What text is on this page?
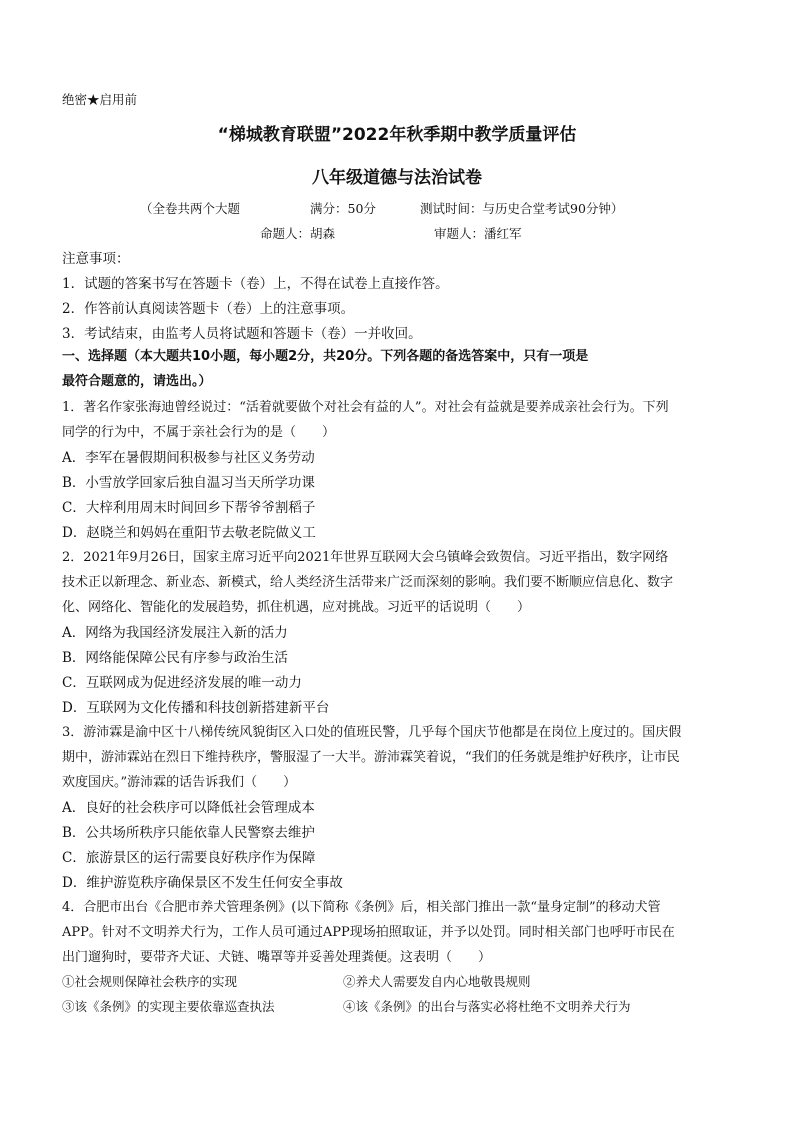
绝密★启用前
“梯城教育联盟”2022年秋季期中教学质量评估
八年级道德与法治试卷
（全卷共两个大题	满分：50分	测试时间：与历史合堂考试90分钟）
命题人：胡森	审题人：潘红军
注意事项：
1．试题的答案书写在答题卡（卷）上，不得在试卷上直接作答。
2．作答前认真阅读答题卡（卷）上的注意事项。
3．考试结束，由监考人员将试题和答题卡（卷）一并收回。
一、选择题（本大题共10小题，每小题2分，共20分。下列各题的备选答案中，只有一项是
最符合题意的，请选出。）
1．著名作家张海迪曾经说过：“活着就要做个对社会有益的人”。对社会有益就是要养成亲社会行为。下列
同学的行为中，不属于亲社会行为的是（　　）
A．李军在暑假期间积极参与社区义务劳动
B．小雪放学回家后独自温习当天所学功课
C．大梓利用周末时间回乡下帮爷爷割稻子
D．赵晓兰和妈妈在重阳节去敬老院做义工
2．2021年9月26日，国家主席习近平向2021年世界互联网大会乌镇峰会致贺信。习近平指出，数字网络
技术正以新理念、新业态、新模式，给人类经济生活带来广泛而深刻的影响。我们要不断顺应信息化、数字
化、网络化、智能化的发展趋势，抓住机遇，应对挑战。习近平的话说明（　　）
A．网络为我国经济发展注入新的活力
B．网络能保障公民有序参与政治生活
C．互联网成为促进经济发展的唯一动力
D．互联网为文化传播和科技创新搭建新平台
3．游沛霖是渝中区十八梯传统风貌街区入口处的值班民警，几乎每个国庆节他都是在岗位上度过的。国庆假
期中，游沛霖站在烈日下维持秩序，警服湿了一大半。游沛霖笑着说，“我们的任务就是维护好秩序，让市民
欢度国庆。”游沛霖的话告诉我们（　　）
A．良好的社会秩序可以降低社会管理成本
B．公共场所秩序只能依靠人民警察去维护
C．旅游景区的运行需要良好秩序作为保障
D．维护游览秩序确保景区不发生任何安全事故
4．合肥市出台《合肥市养犬管理条例》(以下简称《条例》后，相关部门推出一款“量身定制”的移动犬管
APP。针对不文明养犬行为，工作人员可通过APP现场拍照取证，并予以处罚。同时相关部门也呼吁市民在
出门遛狗时，要带齐犬证、犬链、嘴罩等并妥善处理粪便。这表明（　　）
①社会规则保障社会秩序的实现	②养犬人需要发自内心地敬畏规则
③该《条例》的实现主要依靠巡查执法	④该《条例》的出台与落实必将杜绝不文明养犬行为
